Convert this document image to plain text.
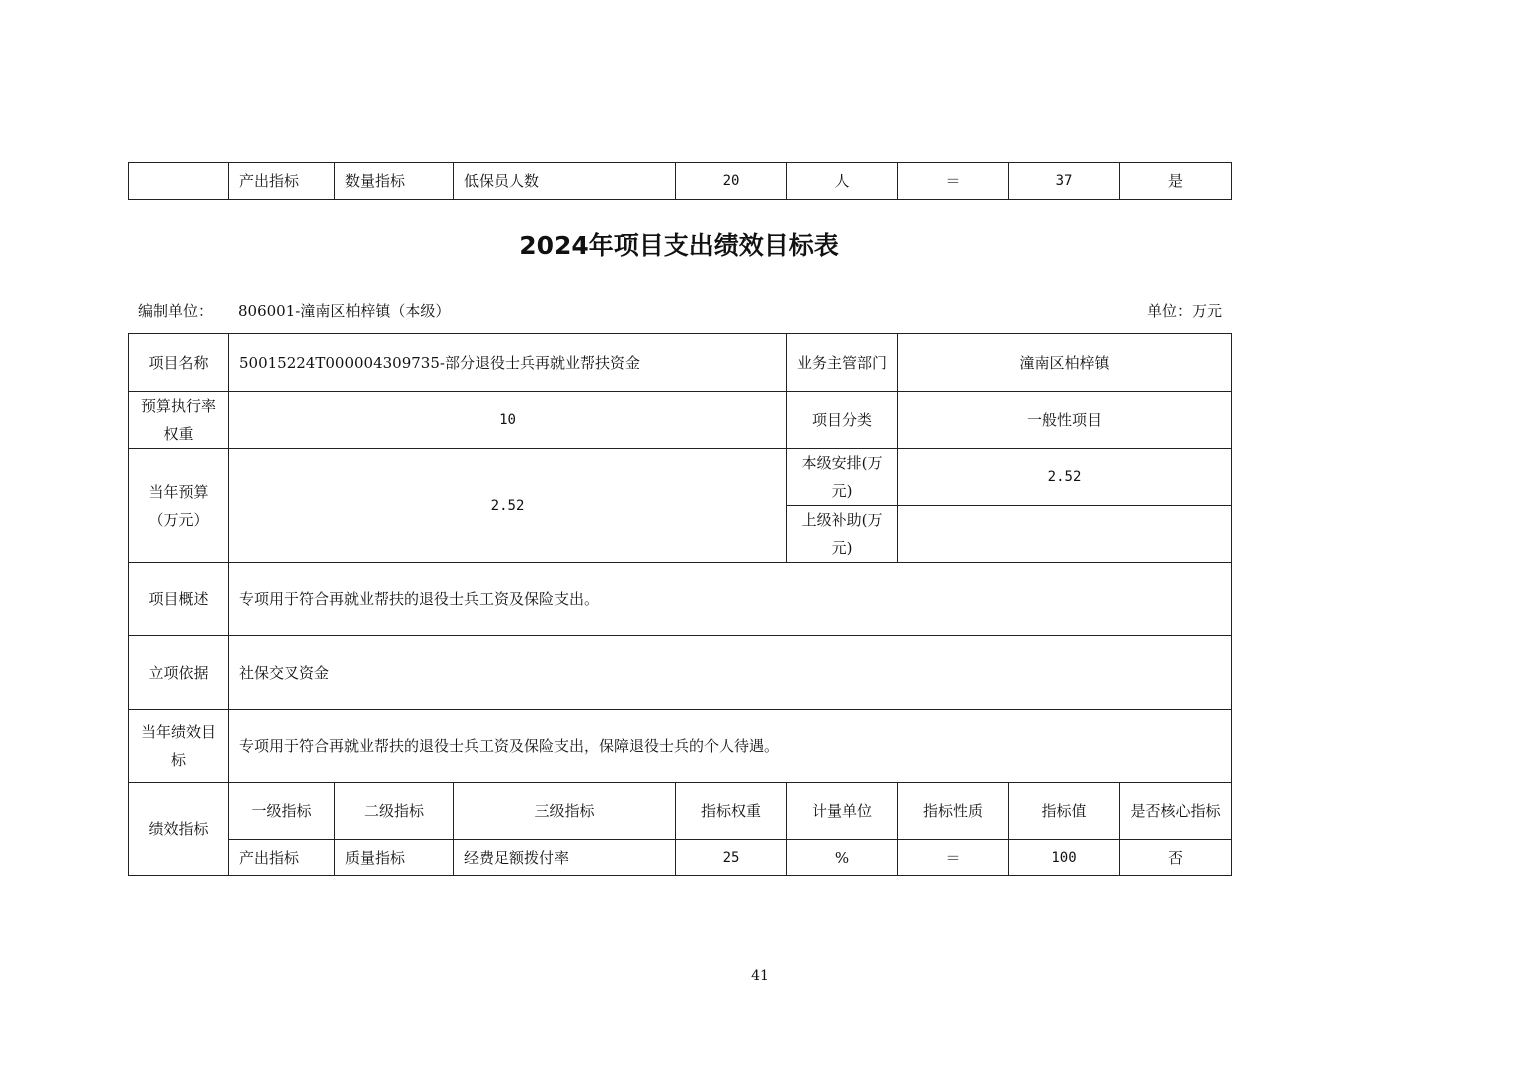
	产出指标	数量指标	低保员人数	20	人	＝	37	是
2024年项目支出绩效目标表
编制单位： 806001-潼南区柏梓镇（本级）	单位：万元
项目名称	50015224T000004309735-部分退役士兵再就业帮扶资金				业务主管部门	潼南区柏梓镇		
预算执行率权重	10				项目分类	一般性项目		
当年预算（万元）	2.52				本级安排(万元)	2.52		
					上级补助(万元)			
项目概述	专项用于符合再就业帮扶的退役士兵工资及保险支出。							
立项依据	社保交叉资金							
当年绩效目标	专项用于符合再就业帮扶的退役士兵工资及保险支出，保障退役士兵的个人待遇。							
绩效指标	一级指标	二级指标	三级指标	指标权重	计量单位	指标性质	指标值	是否核心指标
	产出指标	质量指标	经费足额拨付率	25	%	＝	100	否
41
